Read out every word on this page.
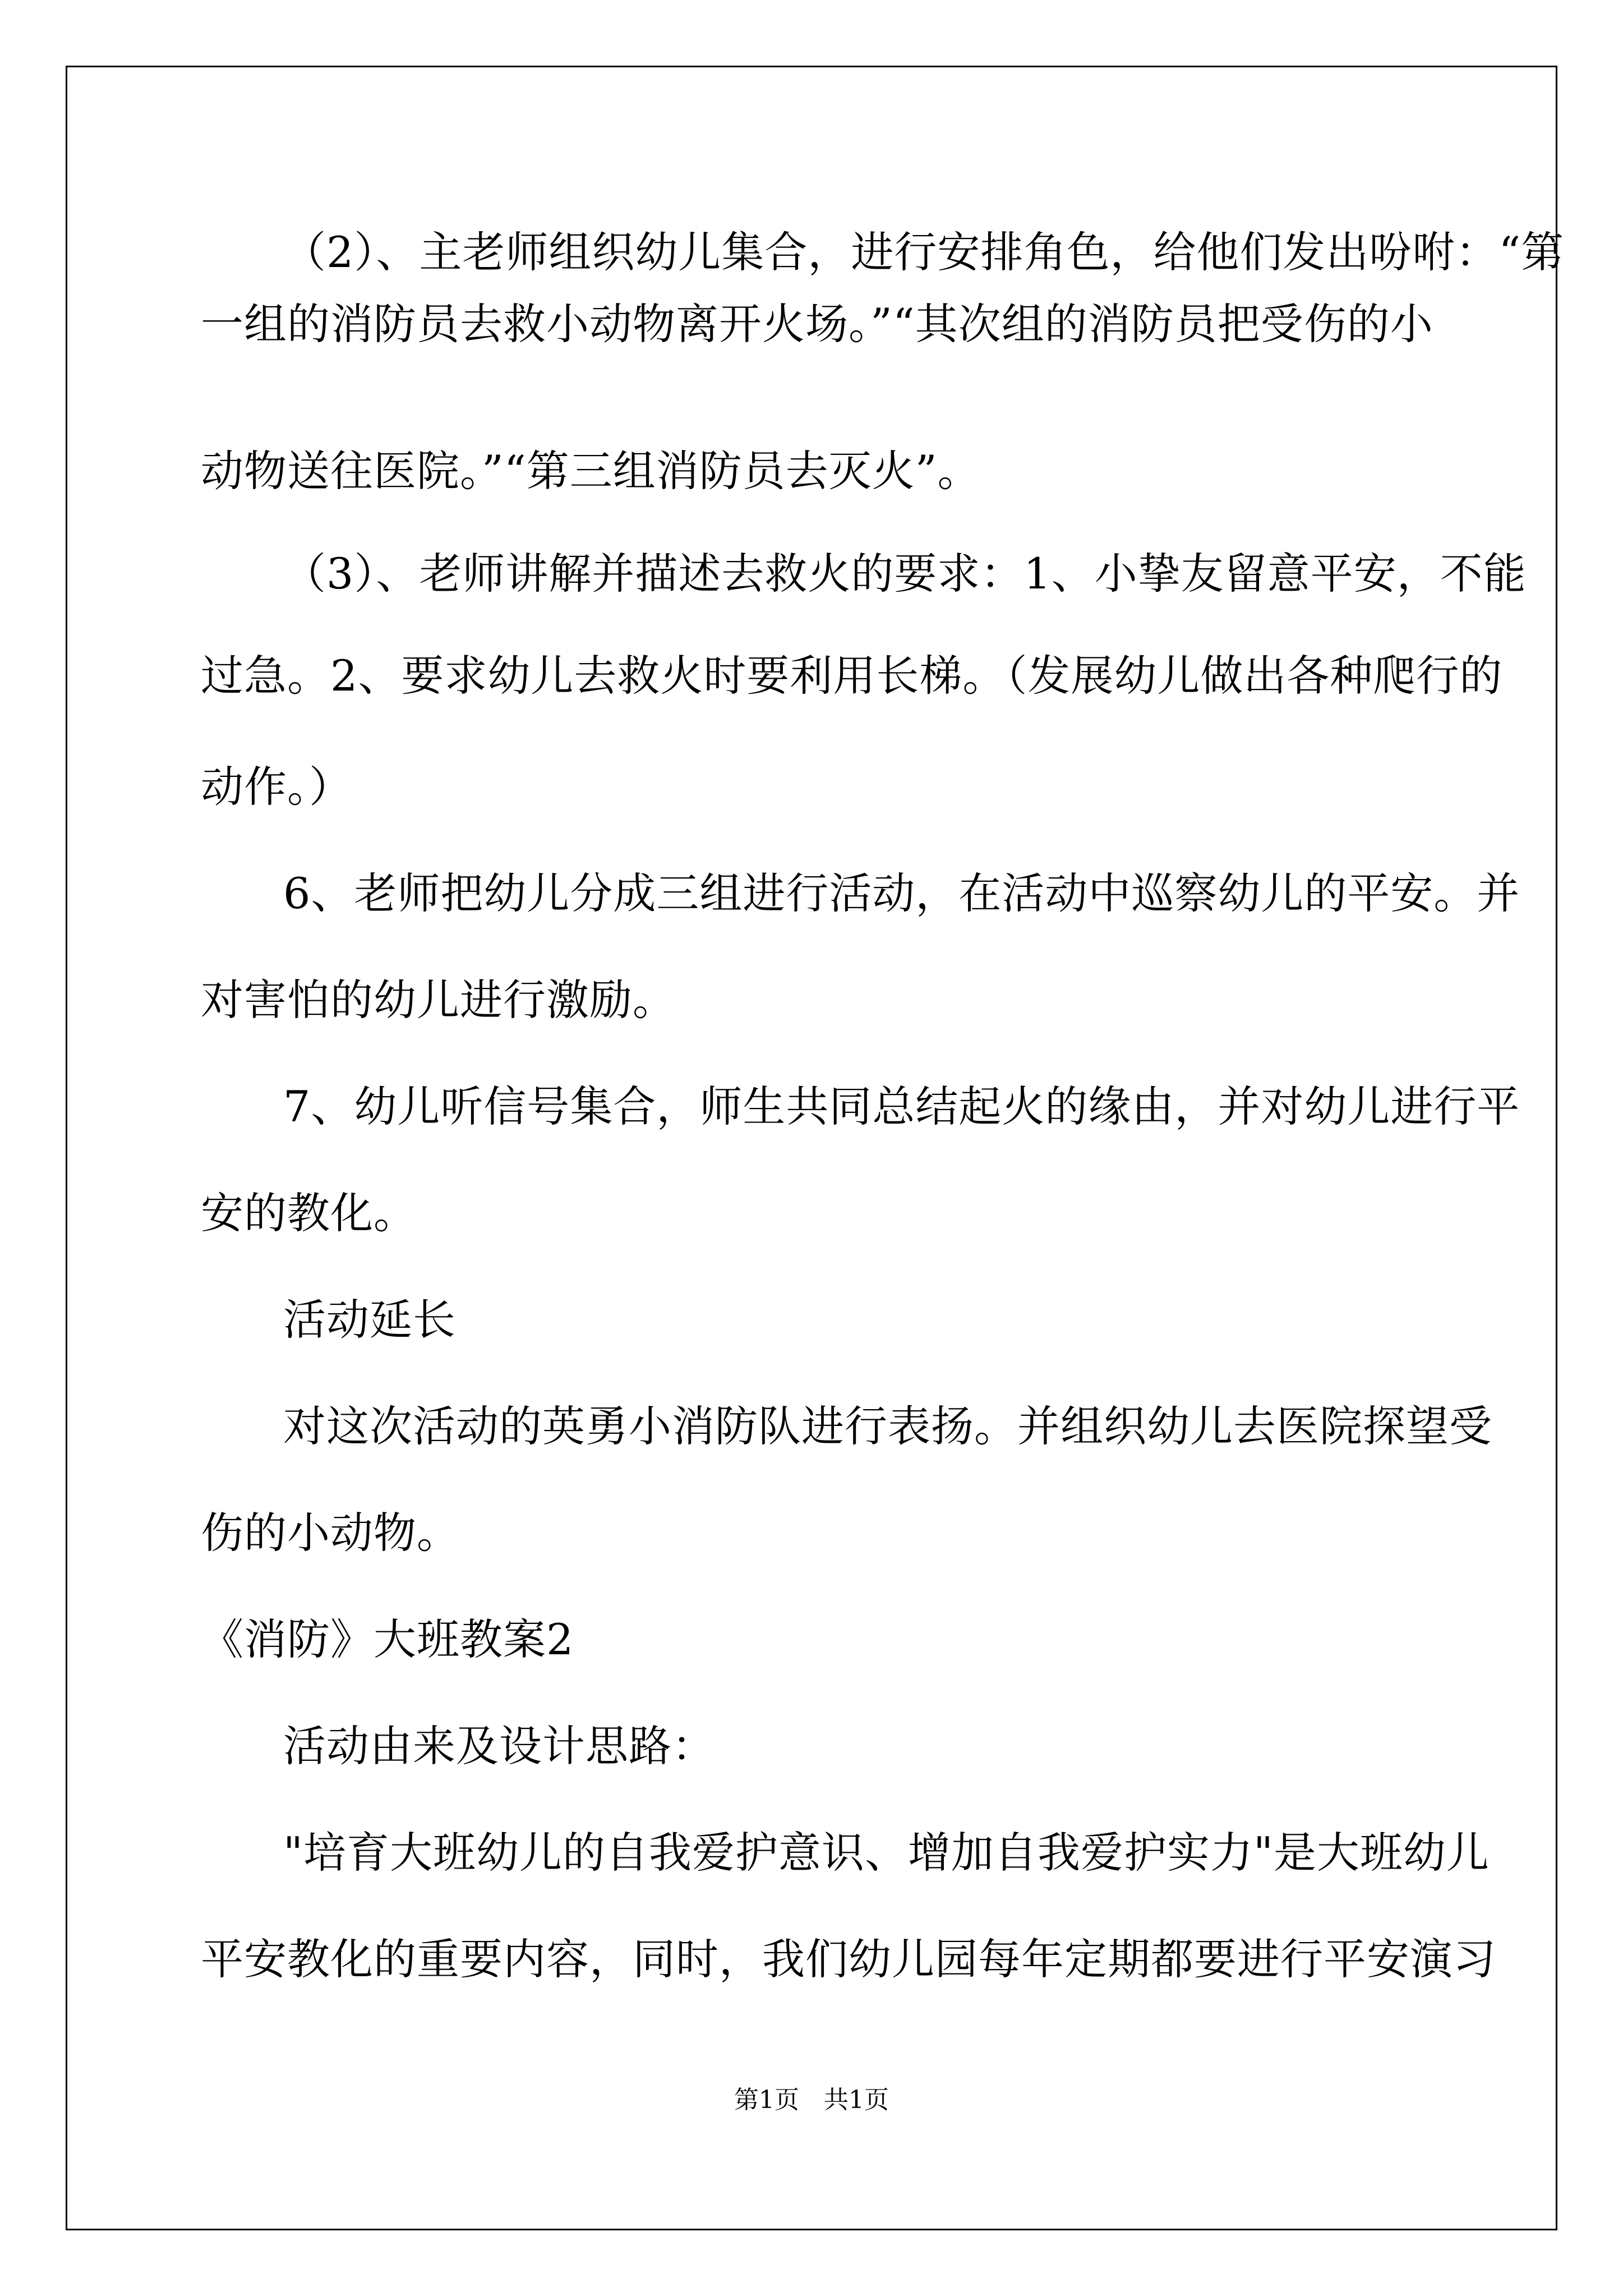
（2）、主老师组织幼儿集合，进行安排角色，给他们发出吩咐：“第
一组的消防员去救小动物离开火场。”“其次组的消防员把受伤的小
动物送往医院。”“第三组消防员去灭火”。
（3）、老师讲解并描述去救火的要求：1、小挚友留意平安，不能
过急。2、要求幼儿去救火时要利用长梯。（发展幼儿做出各种爬行的
动作。）
6、老师把幼儿分成三组进行活动，在活动中巡察幼儿的平安。并
对害怕的幼儿进行激励。
7、幼儿听信号集合，师生共同总结起火的缘由，并对幼儿进行平
安的教化。
活动延长
对这次活动的英勇小消防队进行表扬。并组织幼儿去医院探望受
伤的小动物。
《消防》大班教案2
活动由来及设计思路：
"培育大班幼儿的自我爱护意识、增加自我爱护实力"是大班幼儿
平安教化的重要内容，同时，我们幼儿园每年定期都要进行平安演习
第1页　共1页
